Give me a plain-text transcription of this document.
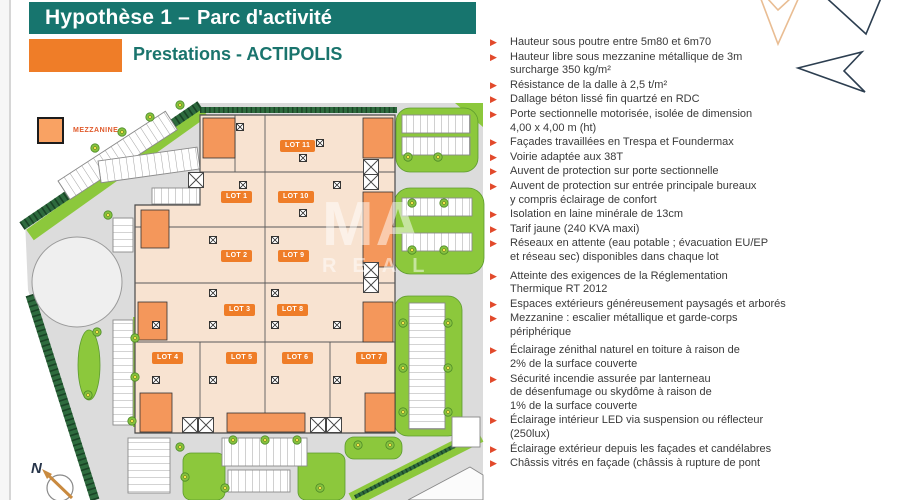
Hypothèse 1 – Parc d'activité
Prestations - ACTIPOLIS
MEZZANINE
LOT 11
LOT 1	LOT 10
LOT 2	LOT 9
LOT 3	LOT 8
LOT 4	LOT 5	LOT 6	LOT 7
MA
REAL
N
▶	Hauteur sous poutre entre 5m80 et 6m70
▶	Hauteur libre sous mezzanine métallique de 3m
surcharge 350 kg/m²
▶	Résistance de la dalle à 2,5 t/m²
▶	Dallage béton lissé fin quartzé en RDC
▶	Porte sectionnelle motorisée, isolée de dimension
4,00 x 4,00 m (ht)
▶	Façades travaillées en Trespa et Foundermax
▶	Voirie adaptée aux 38T
▶	Auvent de protection sur porte sectionnelle
▶	Auvent de protection sur entrée principale bureaux
y compris éclairage de confort
▶	Isolation en laine minérale de 13cm
▶	Tarif jaune (240 KVA maxi)
▶	Réseaux en attente (eau potable ; évacuation EU/EP
et réseau sec) disponibles dans chaque lot
▶	Atteinte des exigences de la Réglementation
Thermique RT 2012
▶	Espaces extérieurs généreusement paysagés et arborés
▶	Mezzanine : escalier métallique et garde-corps
périphérique
▶	Éclairage zénithal naturel en toiture à raison de
2% de la surface couverte
▶	Sécurité incendie assurée par lanterneau
de désenfumage ou skydôme à raison de
1% de la surface couverte
▶	Éclairage intérieur LED via suspension ou réflecteur
(250lux)
▶	Éclairage extérieur depuis les façades et candélabres
▶	Châssis vitrés en façade (châssis à rupture de pont
